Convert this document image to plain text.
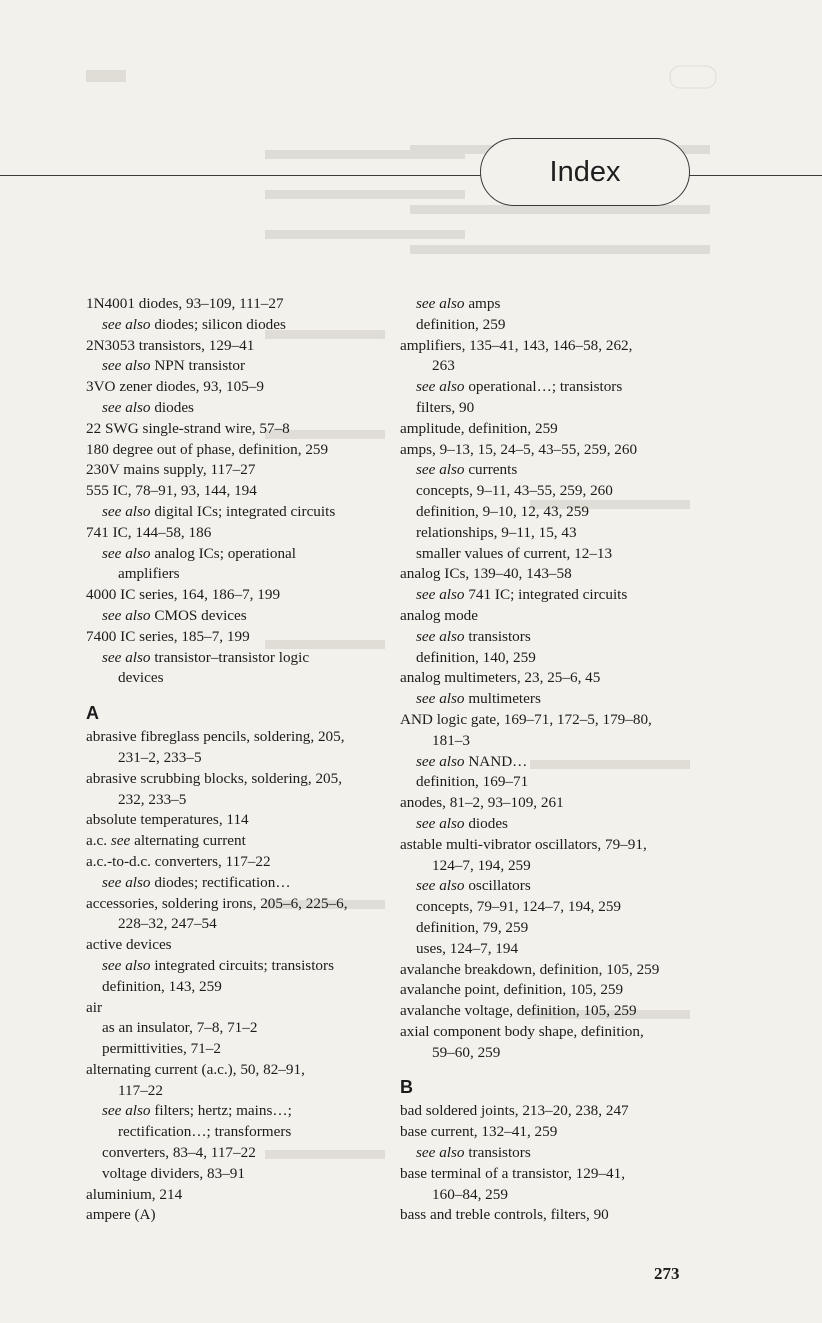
Index
1N4001 diodes, 93–109, 111–27
see also diodes; silicon diodes
2N3053 transistors, 129–41
see also NPN transistor
3VO zener diodes, 93, 105–9
see also diodes
22 SWG single-strand wire, 57–8
180 degree out of phase, definition, 259
230V mains supply, 117–27
555 IC, 78–91, 93, 144, 194
see also digital ICs; integrated circuits
741 IC, 144–58, 186
see also analog ICs; operational
amplifiers
4000 IC series, 164, 186–7, 199
see also CMOS devices
7400 IC series, 185–7, 199
see also transistor–transistor logic
devices
A
abrasive fibreglass pencils, soldering, 205,
231–2, 233–5
abrasive scrubbing blocks, soldering, 205,
232, 233–5
absolute temperatures, 114
a.c. see alternating current
a.c.-to-d.c. converters, 117–22
see also diodes; rectification…
accessories, soldering irons, 205–6, 225–6,
228–32, 247–54
active devices
see also integrated circuits; transistors
definition, 143, 259
air
as an insulator, 7–8, 71–2
permittivities, 71–2
alternating current (a.c.), 50, 82–91,
117–22
see also filters; hertz; mains…;
rectification…; transformers
converters, 83–4, 117–22
voltage dividers, 83–91
aluminium, 214
ampere (A)
see also amps
definition, 259
amplifiers, 135–41, 143, 146–58, 262,
263
see also operational…; transistors
filters, 90
amplitude, definition, 259
amps, 9–13, 15, 24–5, 43–55, 259, 260
see also currents
concepts, 9–11, 43–55, 259, 260
definition, 9–10, 12, 43, 259
relationships, 9–11, 15, 43
smaller values of current, 12–13
analog ICs, 139–40, 143–58
see also 741 IC; integrated circuits
analog mode
see also transistors
definition, 140, 259
analog multimeters, 23, 25–6, 45
see also multimeters
AND logic gate, 169–71, 172–5, 179–80,
181–3
see also NAND…
definition, 169–71
anodes, 81–2, 93–109, 261
see also diodes
astable multi-vibrator oscillators, 79–91,
124–7, 194, 259
see also oscillators
concepts, 79–91, 124–7, 194, 259
definition, 79, 259
uses, 124–7, 194
avalanche breakdown, definition, 105, 259
avalanche point, definition, 105, 259
avalanche voltage, definition, 105, 259
axial component body shape, definition,
59–60, 259
B
bad soldered joints, 213–20, 238, 247
base current, 132–41, 259
see also transistors
base terminal of a transistor, 129–41,
160–84, 259
bass and treble controls, filters, 90
273
